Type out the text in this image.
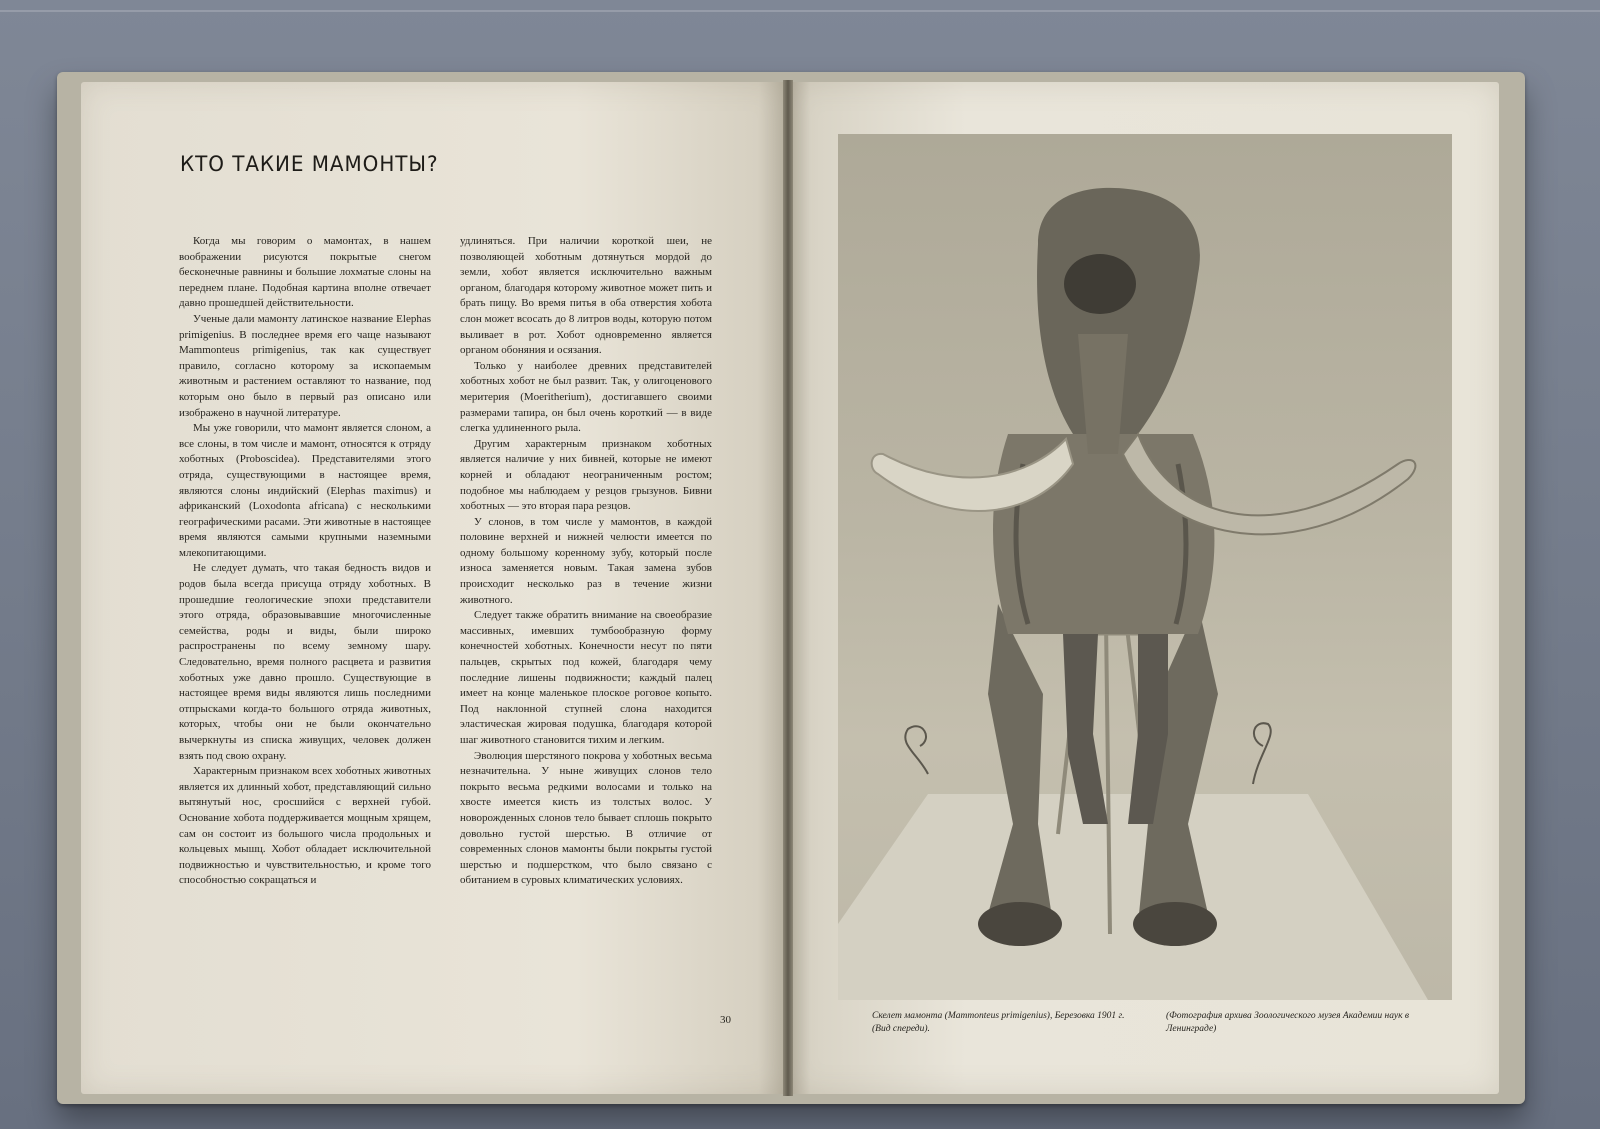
КТО ТАКИЕ МАМОНТЫ?

Когда мы говорим о мамонтах, в нашем воображении рисуются покрытые снегом бесконечные равнины и большие лохматые слоны на переднем плане. Подобная картина вполне отвечает давно прошедшей действительности.

Ученые дали мамонту латинское название Elephas primigenius. В последнее время его чаще называют Mammonteus primigenius, так как существует правило, согласно которому за ископаемым животным и растением оставляют то название, под которым оно было в первый раз описано или изображено в научной литературе.

Мы уже говорили, что мамонт является слоном, а все слоны, в том числе и мамонт, относятся к отряду хоботных (Proboscidea). Представителями этого отряда, существующими в настоящее время, являются слоны индийский (Elephas maximus) и африканский (Loxodonta africana) с несколькими географическими расами. Эти животные в настоящее время являются самыми крупными наземными млекопитающими.

Не следует думать, что такая бедность видов и родов была всегда присуща отряду хоботных. В прошедшие геологические эпохи представители этого отряда, образовывавшие многочисленные семейства, роды и виды, были широко распространены по всему земному шару. Следовательно, время полного расцвета и развития хоботных уже давно прошло. Существующие в настоящее время виды являются лишь последними отпрысками когда-то большого отряда животных, которых, чтобы они не были окончательно вычеркнуты из списка живущих, человек должен взять под свою охрану.

Характерным признаком всех хоботных животных является их длинный хобот, представляющий сильно вытянутый нос, сросшийся с верхней губой. Основание хобота поддерживается мощным хрящем, сам он состоит из большого числа продольных и кольцевых мышц. Хобот обладает исключительной подвижностью и чувствительностью, и кроме того способностью сокращаться и

удлиняться. При наличии короткой шеи, не позволяющей хоботным дотянуться мордой до земли, хобот является исключительно важным органом, благодаря которому животное может пить и брать пищу. Во время питья в оба отверстия хобота слон может всосать до 8 литров воды, которую потом выливает в рот. Хобот одновременно является органом обоняния и осязания.

Только у наиболее древних представителей хоботных хобот не был развит. Так, у олигоценового меритерия (Moeritherium), достигавшего своими размерами тапира, он был очень короткий — в виде слегка удлиненного рыла.

Другим характерным признаком хоботных является наличие у них бивней, которые не имеют корней и обладают неограниченным ростом; подобное мы наблюдаем у резцов грызунов. Бивни хоботных — это вторая пара резцов.

У слонов, в том числе у мамонтов, в каждой половине верхней и нижней челюсти имеется по одному большому коренному зубу, который после износа заменяется новым. Такая замена зубов происходит несколько раз в течение жизни животного.

Следует также обратить внимание на своеобразие массивных, имевших тумбообразную форму конечностей хоботных. Конечности несут по пяти пальцев, скрытых под кожей, благодаря чему последние лишены подвижности; каждый палец имеет на конце маленькое плоское роговое копыто. Под наклонной ступней слона находится эластическая жировая подушка, благодаря которой шаг животного становится тихим и легким.

Эволюция шерстяного покрова у хоботных весьма незначительна. У ныне живущих слонов тело покрыто весьма редкими волосами и только на хвосте имеется кисть из толстых волос. У новорожденных слонов тело бывает сплошь покрыто довольно густой шерстью. В отличие от современных слонов мамонты были покрыты густой шерстью и подшерстком, что было связано с обитанием в суровых климатических условиях.

30	Скелет мамонта (Mammonteus primigenius), Березовка 1901 г. (Вид спереди).
(Фотография архива Зоологического музея Академии наук в Ленинграде)
